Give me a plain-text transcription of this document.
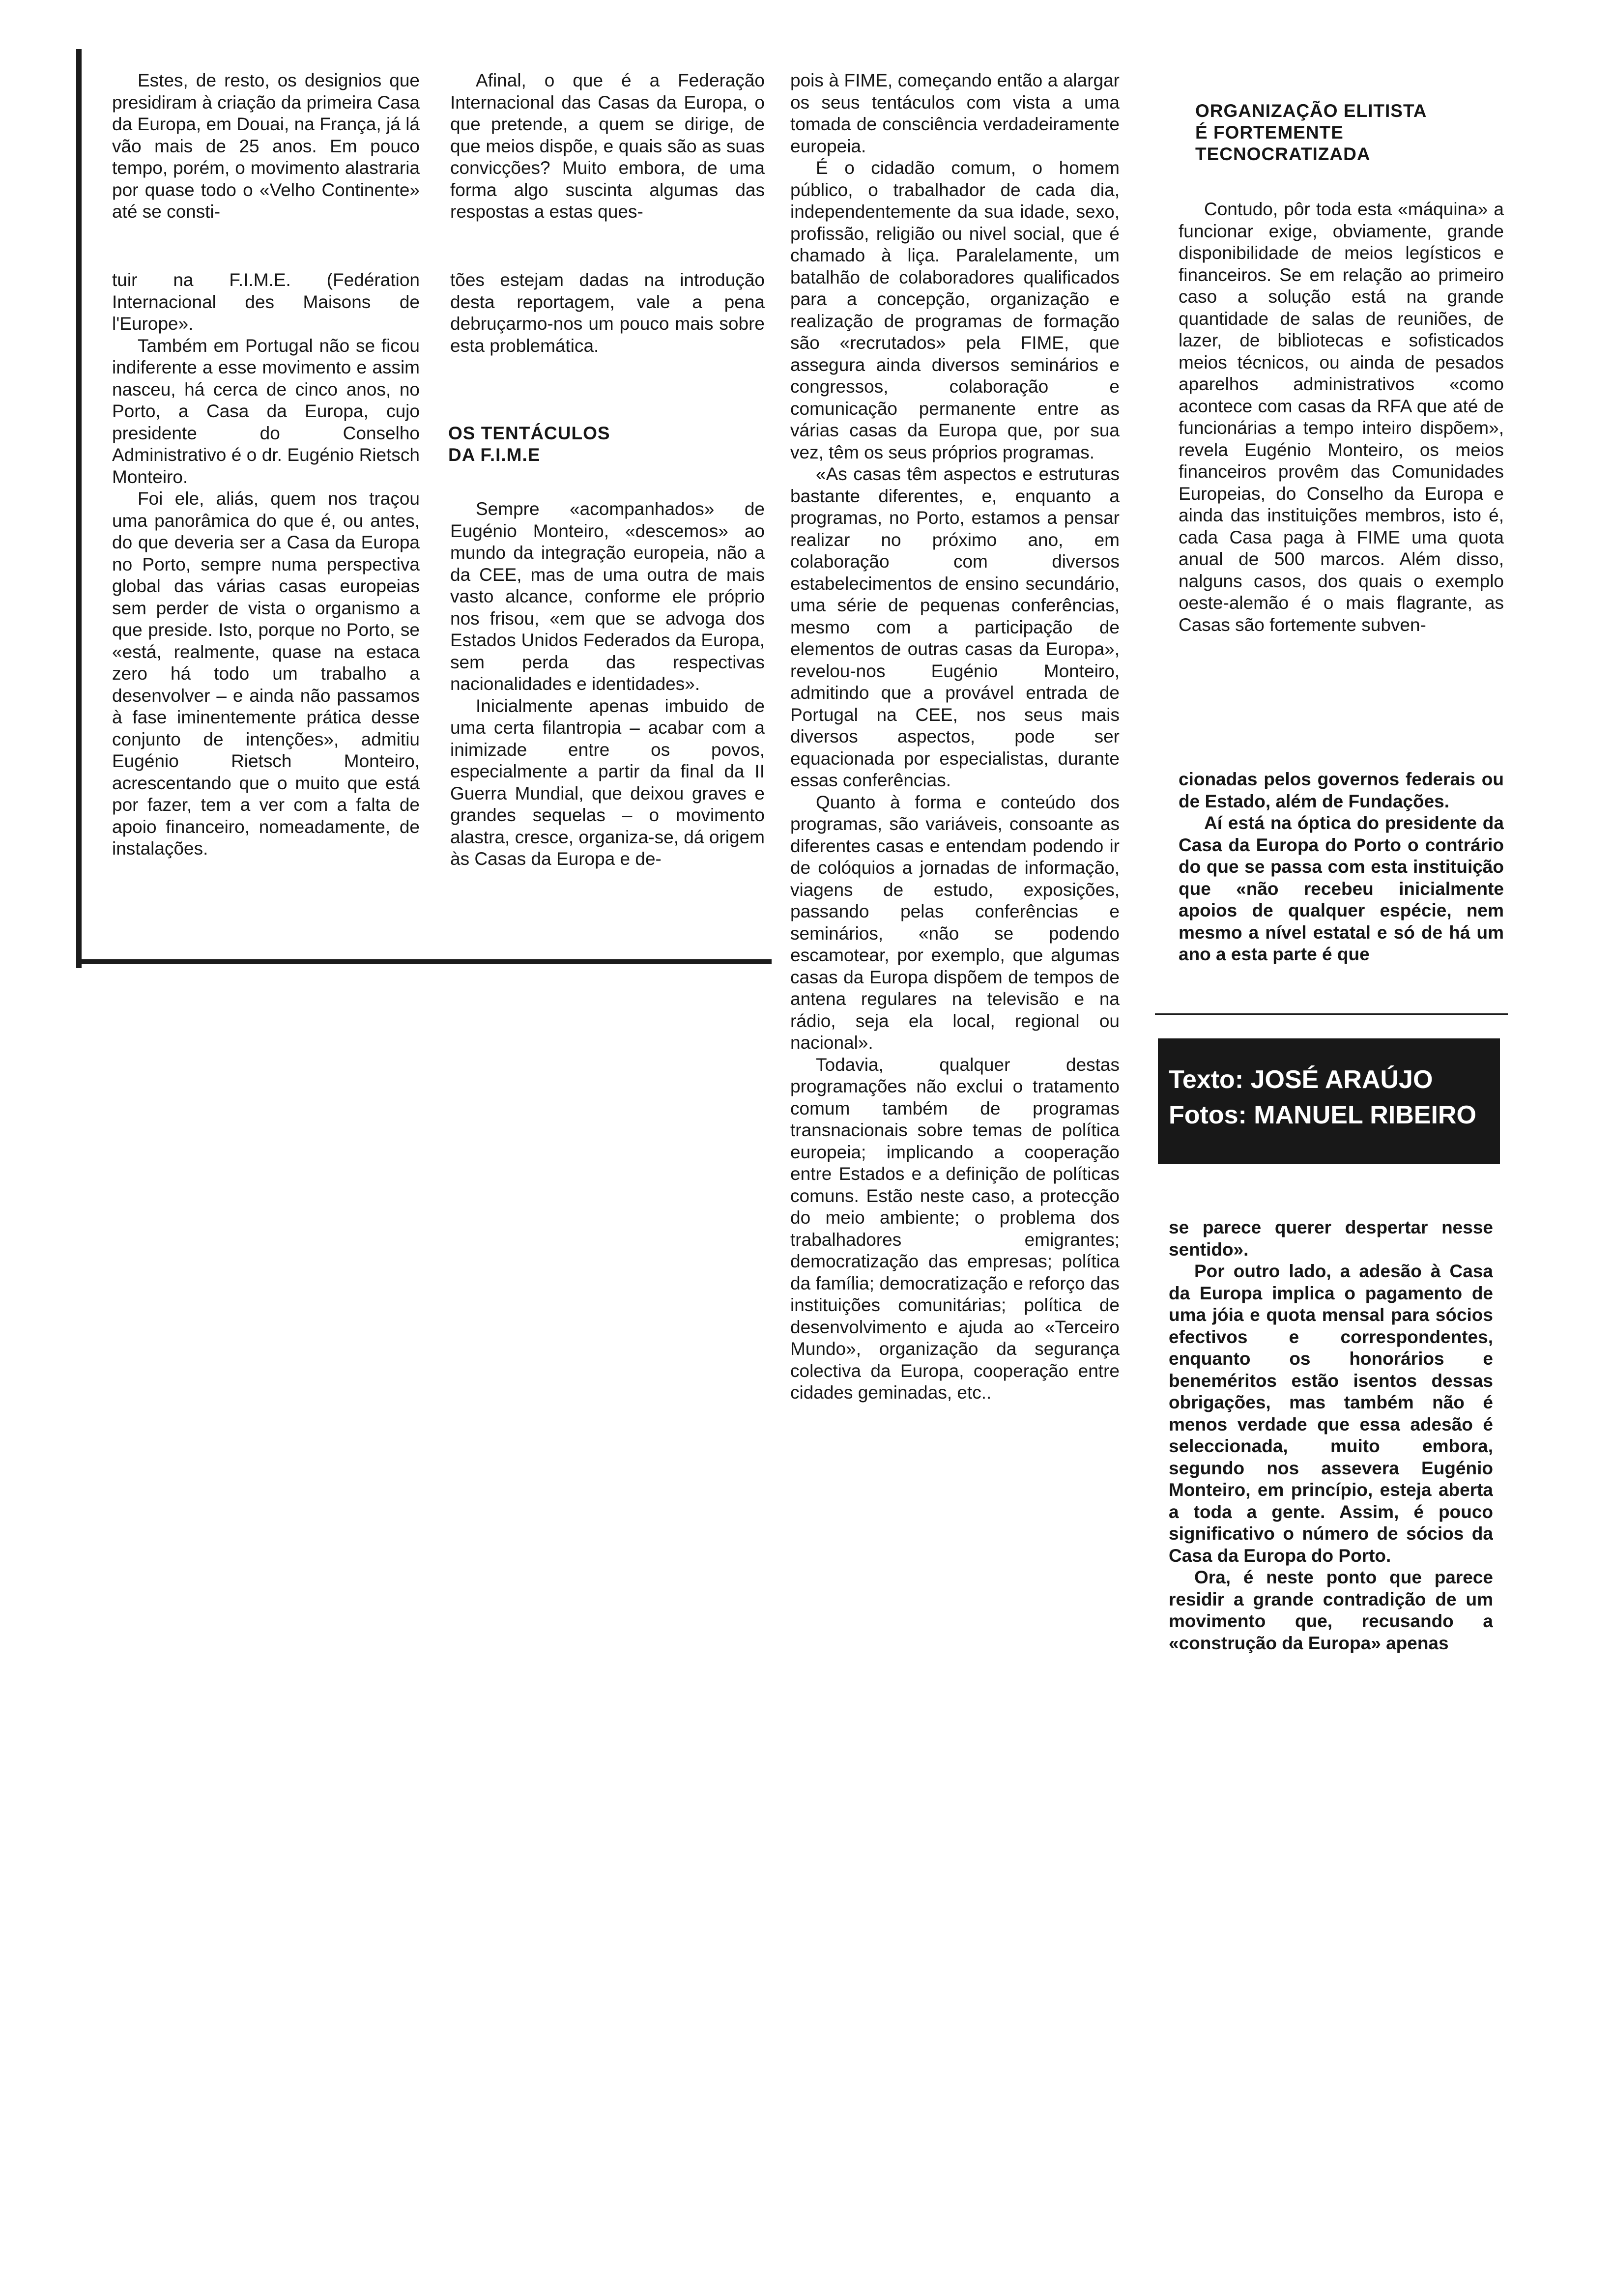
Estes, de resto, os designios que presidiram à criação da primeira Casa da Europa, em Douai, na França, já lá vão mais de 25 anos. Em pouco tempo, porém, o movimento alastraria por quase todo o «Velho Continente» até se consti-

tuir na F.I.M.E. (Fedération Internacional des Maisons de l'Europe».

Também em Portugal não se ficou indiferente a esse movimento e assim nasceu, há cerca de cinco anos, no Porto, a Casa da Europa, cujo presidente do Conselho Administrativo é o dr. Eugénio Rietsch Monteiro.

Foi ele, aliás, quem nos traçou uma panorâmica do que é, ou antes, do que deveria ser a Casa da Europa no Porto, sempre numa perspectiva global das várias casas europeias sem perder de vista o organismo a que preside. Isto, porque no Porto, se «está, realmente, quase na estaca zero há todo um trabalho a desenvolver – e ainda não passamos à fase iminentemente prática desse conjunto de intenções», admitiu Eugénio Rietsch Monteiro, acrescentando que o muito que está por fazer, tem a ver com a falta de apoio financeiro, nomeadamente, de instalações.

Afinal, o que é a Federação Internacional das Casas da Europa, o que pretende, a quem se dirige, de que meios dispõe, e quais são as suas convicções? Muito embora, de uma forma algo suscinta algumas das respostas a estas ques-

tões estejam dadas na introdução desta reportagem, vale a pena debruçarmo-nos um pouco mais sobre esta problemática.

OS TENTÁCULOS
DA F.I.M.E

Sempre «acompanhados» de Eugénio Monteiro, «descemos» ao mundo da integração europeia, não a da CEE, mas de uma outra de mais vasto alcance, conforme ele próprio nos frisou, «em que se advoga dos Estados Unidos Federados da Europa, sem perda das respectivas nacionalidades e identidades».

Inicialmente apenas imbuido de uma certa filantropia – acabar com a inimizade entre os povos, especialmente a partir da final da II Guerra Mundial, que deixou graves e grandes sequelas – o movimento alastra, cresce, organiza-se, dá origem às Casas da Europa e de-

pois à FIME, começando então a alargar os seus tentáculos com vista a uma tomada de consciência verdadeiramente europeia.

É o cidadão comum, o homem público, o trabalhador de cada dia, independentemente da sua idade, sexo, profissão, religião ou nivel social, que é chamado à liça. Paralelamente, um batalhão de colaboradores qualificados para a concepção, organização e realização de programas de formação são «recrutados» pela FIME, que assegura ainda diversos seminários e congressos, colaboração e comunicação permanente entre as várias casas da Europa que, por sua vez, têm os seus próprios programas.

«As casas têm aspectos e estruturas bastante diferentes, e, enquanto a programas, no Porto, estamos a pensar realizar no próximo ano, em colaboração com diversos estabelecimentos de ensino secundário, uma série de pequenas conferências, mesmo com a participação de elementos de outras casas da Europa», revelou-nos Eugénio Monteiro, admitindo que a provável entrada de Portugal na CEE, nos seus mais diversos aspectos, pode ser equacionada por especialistas, durante essas conferências.

Quanto à forma e conteúdo dos programas, são variáveis, consoante as diferentes casas e entendam podendo ir de colóquios a jornadas de informação, viagens de estudo, exposições, passando pelas conferências e seminários, «não se podendo escamotear, por exemplo, que algumas casas da Europa dispõem de tempos de antena regulares na televisão e na rádio, seja ela local, regional ou nacional».

Todavia, qualquer destas programações não exclui o tratamento comum também de programas transnacionais sobre temas de política europeia; implicando a cooperação entre Estados e a definição de políticas comuns. Estão neste caso, a protecção do meio ambiente; o problema dos trabalhadores emigrantes; democratização das empresas; política da família; democratização e reforço das instituições comunitárias; política de desenvolvimento e ajuda ao «Terceiro Mundo», organização da segurança colectiva da Europa, cooperação entre cidades geminadas, etc..

ORGANIZAÇÃO ELITISTA
É FORTEMENTE
TECNOCRATIZADA

Contudo, pôr toda esta «máquina» a funcionar exige, obviamente, grande disponibilidade de meios legísticos e financeiros. Se em relação ao primeiro caso a solução está na grande quantidade de salas de reuniões, de lazer, de bibliotecas e sofisticados meios técnicos, ou ainda de pesados aparelhos administrativos «como acontece com casas da RFA que até de funcionárias a tempo inteiro dispõem», revela Eugénio Monteiro, os meios financeiros provêm das Comunidades Europeias, do Conselho da Europa e ainda das instituições membros, isto é, cada Casa paga à FIME uma quota anual de 500 marcos. Além disso, nalguns casos, dos quais o exemplo oeste-alemão é o mais flagrante, as Casas são fortemente subven-

cionadas pelos governos federais ou de Estado, além de Fundações.

Aí está na óptica do presidente da Casa da Europa do Porto o contrário do que se passa com esta instituição que «não recebeu inicialmente apoios de qualquer espécie, nem mesmo a nível estatal e só de há um ano a esta parte é que

Texto: JOSÉ ARAÚJO
Fotos: MANUEL RIBEIRO

se parece querer despertar nesse sentido».

Por outro lado, a adesão à Casa da Europa implica o pagamento de uma jóia e quota mensal para sócios efectivos e correspondentes, enquanto os honorários e beneméritos estão isentos dessas obrigações, mas também não é menos verdade que essa adesão é seleccionada, muito embora, segundo nos assevera Eugénio Monteiro, em princípio, esteja aberta a toda a gente. Assim, é pouco significativo o número de sócios da Casa da Europa do Porto.

Ora, é neste ponto que parece residir a grande contradição de um movimento que, recusando a «construção da Europa» apenas
